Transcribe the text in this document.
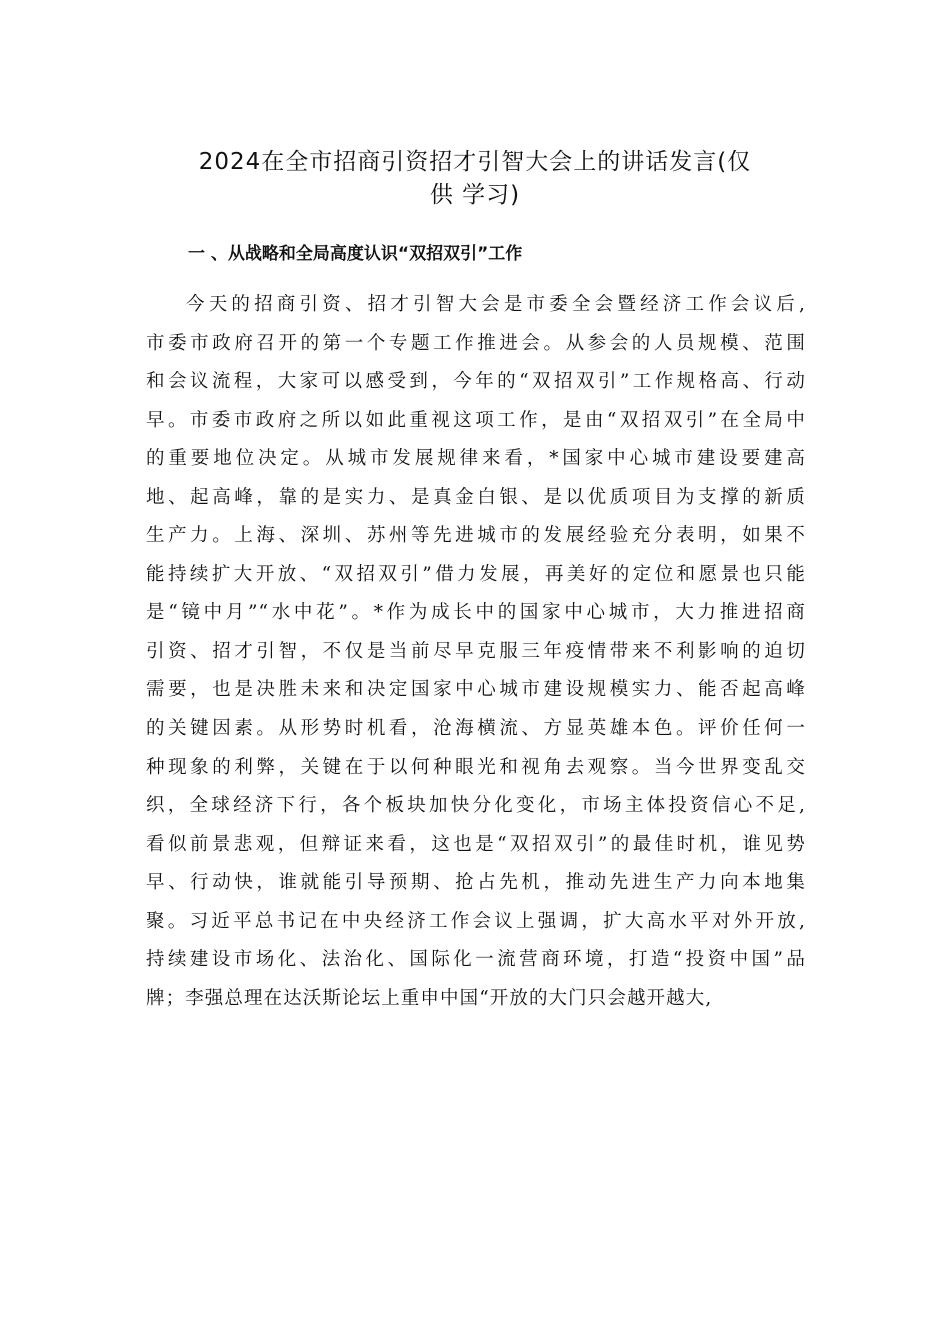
2024在全市招商引资招才引智大会上的讲话发言(仅
供 学习)
一 、从战略和全局高度认识“双招双引”工作
今天的招商引资、招才引智大会是市委全会暨经济工作会议后,
市委市政府召开的第一个专题工作推进会。从参会的人员规模、范围
和会议流程，大家可以感受到，今年的“双招双引”工作规格高、行动
早。市委市政府之所以如此重视这项工作，是由“双招双引”在全局中
的重要地位决定。从城市发展规律来看，*国家中心城市建设要建高
地、起高峰，靠的是实力、是真金白银、是以优质项目为支撑的新质
生产力。上海、深圳、苏州等先进城市的发展经验充分表明，如果不
能持续扩大开放、“双招双引”借力发展，再美好的定位和愿景也只能
是“镜中月”“水中花”。*作为成长中的国家中心城市，大力推进招商
引资、招才引智，不仅是当前尽早克服三年疫情带来不利影响的迫切
需要，也是决胜未来和决定国家中心城市建设规模实力、能否起高峰
的关键因素。从形势时机看，沧海横流、方显英雄本色。评价任何一
种现象的利弊，关键在于以何种眼光和视角去观察。当今世界变乱交
织，全球经济下行，各个板块加快分化变化，市场主体投资信心不足,
看似前景悲观，但辩证来看，这也是“双招双引”的最佳时机，谁见势
早、行动快，谁就能引导预期、抢占先机，推动先进生产力向本地集
聚。习近平总书记在中央经济工作会议上强调，扩大高水平对外开放,
持续建设市场化、法治化、国际化一流营商环境，打造“投资中国”品
牌；李强总理在达沃斯论坛上重申中国“开放的大门只会越开越大,
